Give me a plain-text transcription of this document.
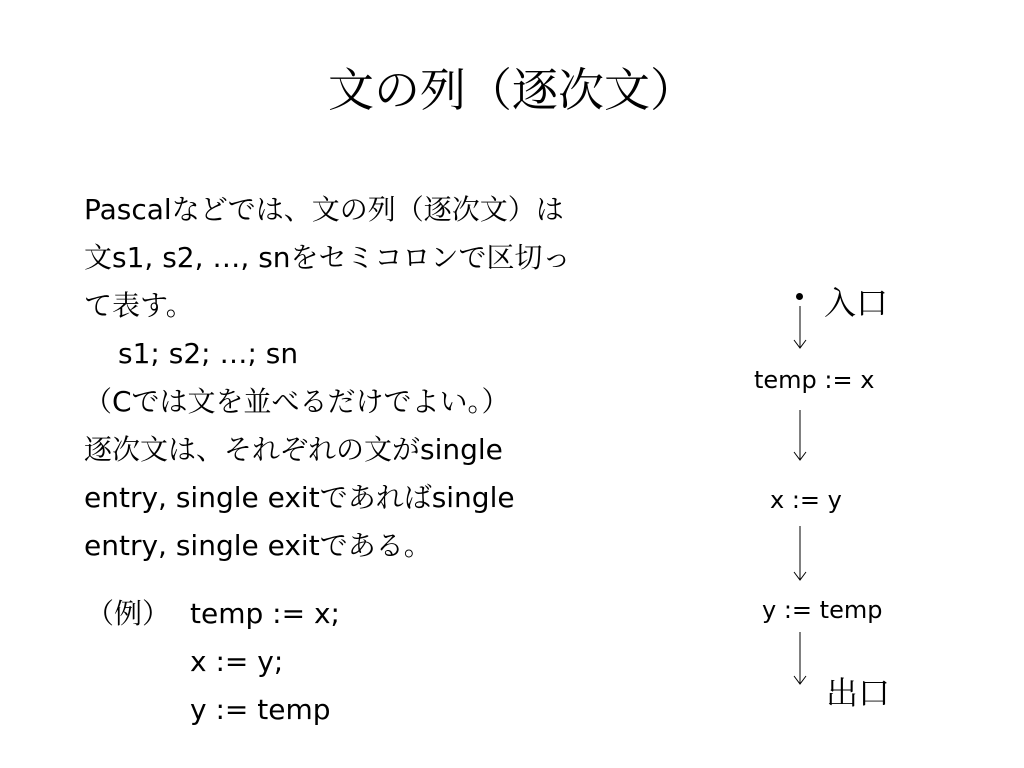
文の列（逐次文）
Pascalなどでは、文の列（逐次文）は
文s1, s2, …, snをセミコロンで区切っ
て表す。
s1; s2; …; sn
（Cでは文を並べるだけでよい。）
逐次文は、それぞれの文がsingle
entry, single exitであればsingle
entry, single exitである。
（例） temp := x;
x := y;
y := temp
入口
temp := x
x := y
y := temp
出口
